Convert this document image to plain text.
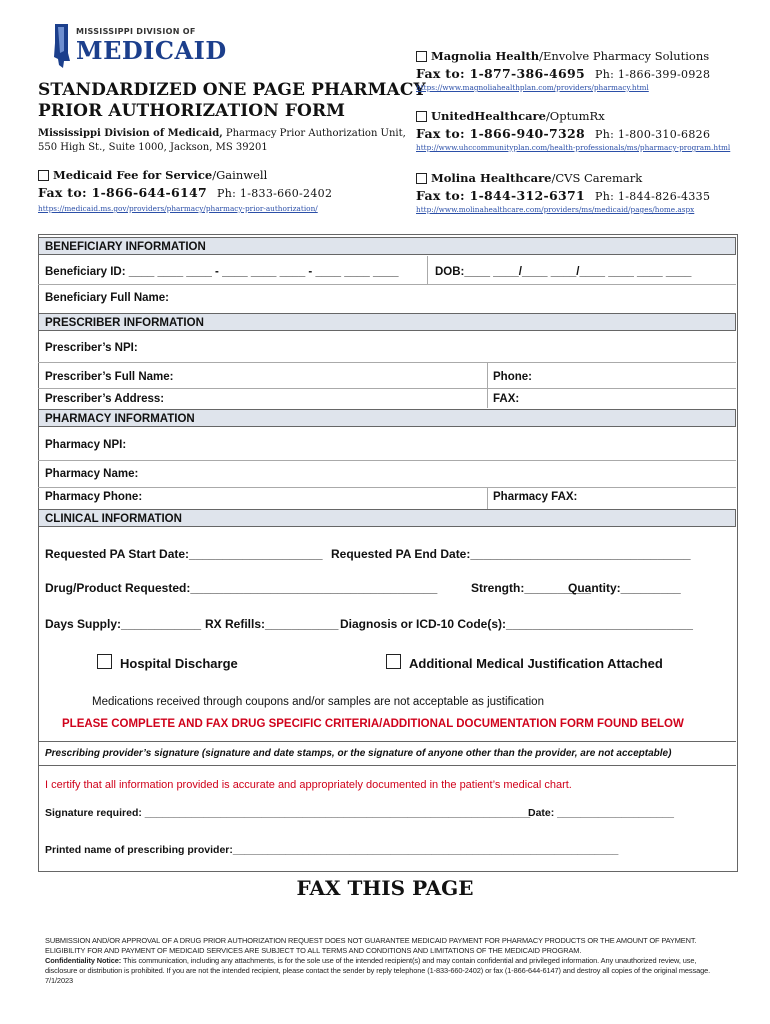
MISSISSIPPI DIVISION OF
MEDICAID
STANDARDIZED ONE PAGE PHARMACY
PRIOR AUTHORIZATION FORM
Mississippi Division of Medicaid, Pharmacy Prior Authorization Unit,
550 High St., Suite 1000, Jackson, MS 39201
Medicaid Fee for Service/Gainwell
Fax to: 1-866-644-6147 Ph: 1-833-660-2402
https://medicaid.ms.gov/providers/pharmacy/pharmacy-prior-authorization/
Magnolia Health/Envolve Pharmacy Solutions
Fax to: 1-877-386-4695 Ph: 1-866-399-0928
https://www.magnoliahealthplan.com/providers/pharmacy.html
UnitedHealthcare/OptumRx
Fax to: 1-866-940-7328 Ph: 1-800-310-6826
http://www.uhccommunityplan.com/health-professionals/ms/pharmacy-program.html
Molina Healthcare/CVS Caremark
Fax to: 1-844-312-6371 Ph: 1-844-826-4335
http://www.molinahealthcare.com/providers/ms/medicaid/pages/home.aspx
BENEFICIARY INFORMATION
Beneficiary ID: ____ ____ ____ - ____ ____ ____ - ____ ____ ____	DOB:____ ____/____ ____/____ ____ ____ ____
Beneficiary Full Name:
PRESCRIBER INFORMATION
Prescriber’s NPI:
Prescriber’s Full Name:	Phone:
Prescriber’s Address:	FAX:
PHARMACY INFORMATION
Pharmacy NPI:
Pharmacy Name:
Pharmacy Phone:	Pharmacy FAX:
CLINICAL INFORMATION
Requested PA Start Date:____________________ Requested PA End Date:_________________________________
Drug/Product Requested:_____________________________________	Strength:__________
Quantity:_________
Days Supply:____________ RX Refills:___________ Diagnosis or ICD-10 Code(s):____________________________
Hospital Discharge	Additional Medical Justification Attached
Medications received through coupons and/or samples are not acceptable as justification
PLEASE COMPLETE AND FAX DRUG SPECIFIC CRITERIA/ADDITIONAL DOCUMENTATION FORM FOUND BELOW
Prescribing provider’s signature (signature and date stamps, or the signature of anyone other than the provider, are not acceptable)
I certify that all information provided is accurate and appropriately documented in the patient’s medical chart.
Signature required: __________________________________________________________________
Date: ____________________
Printed name of prescribing provider:__________________________________________________________________
FAX THIS PAGE
SUBMISSION AND/OR APPROVAL OF A DRUG PRIOR AUTHORIZATION REQUEST DOES NOT GUARANTEE MEDICAID PAYMENT FOR PHARMACY PRODUCTS OR THE AMOUNT OF PAYMENT.
ELIGIBILITY FOR AND PAYMENT OF MEDICAID SERVICES ARE SUBJECT TO ALL TERMS AND CONDITIONS AND LIMITATIONS OF THE MEDICAID PROGRAM.
Confidentiality Notice: This communication, including any attachments, is for the sole use of the intended recipient(s) and may contain confidential and privileged information. Any unauthorized review, use, disclosure or distribution is prohibited. If you are not the intended recipient, please contact the sender by reply telephone (1-833-660-2402) or fax (1-866-644-6147) and destroy all copies of the original message. 7/1/2023
